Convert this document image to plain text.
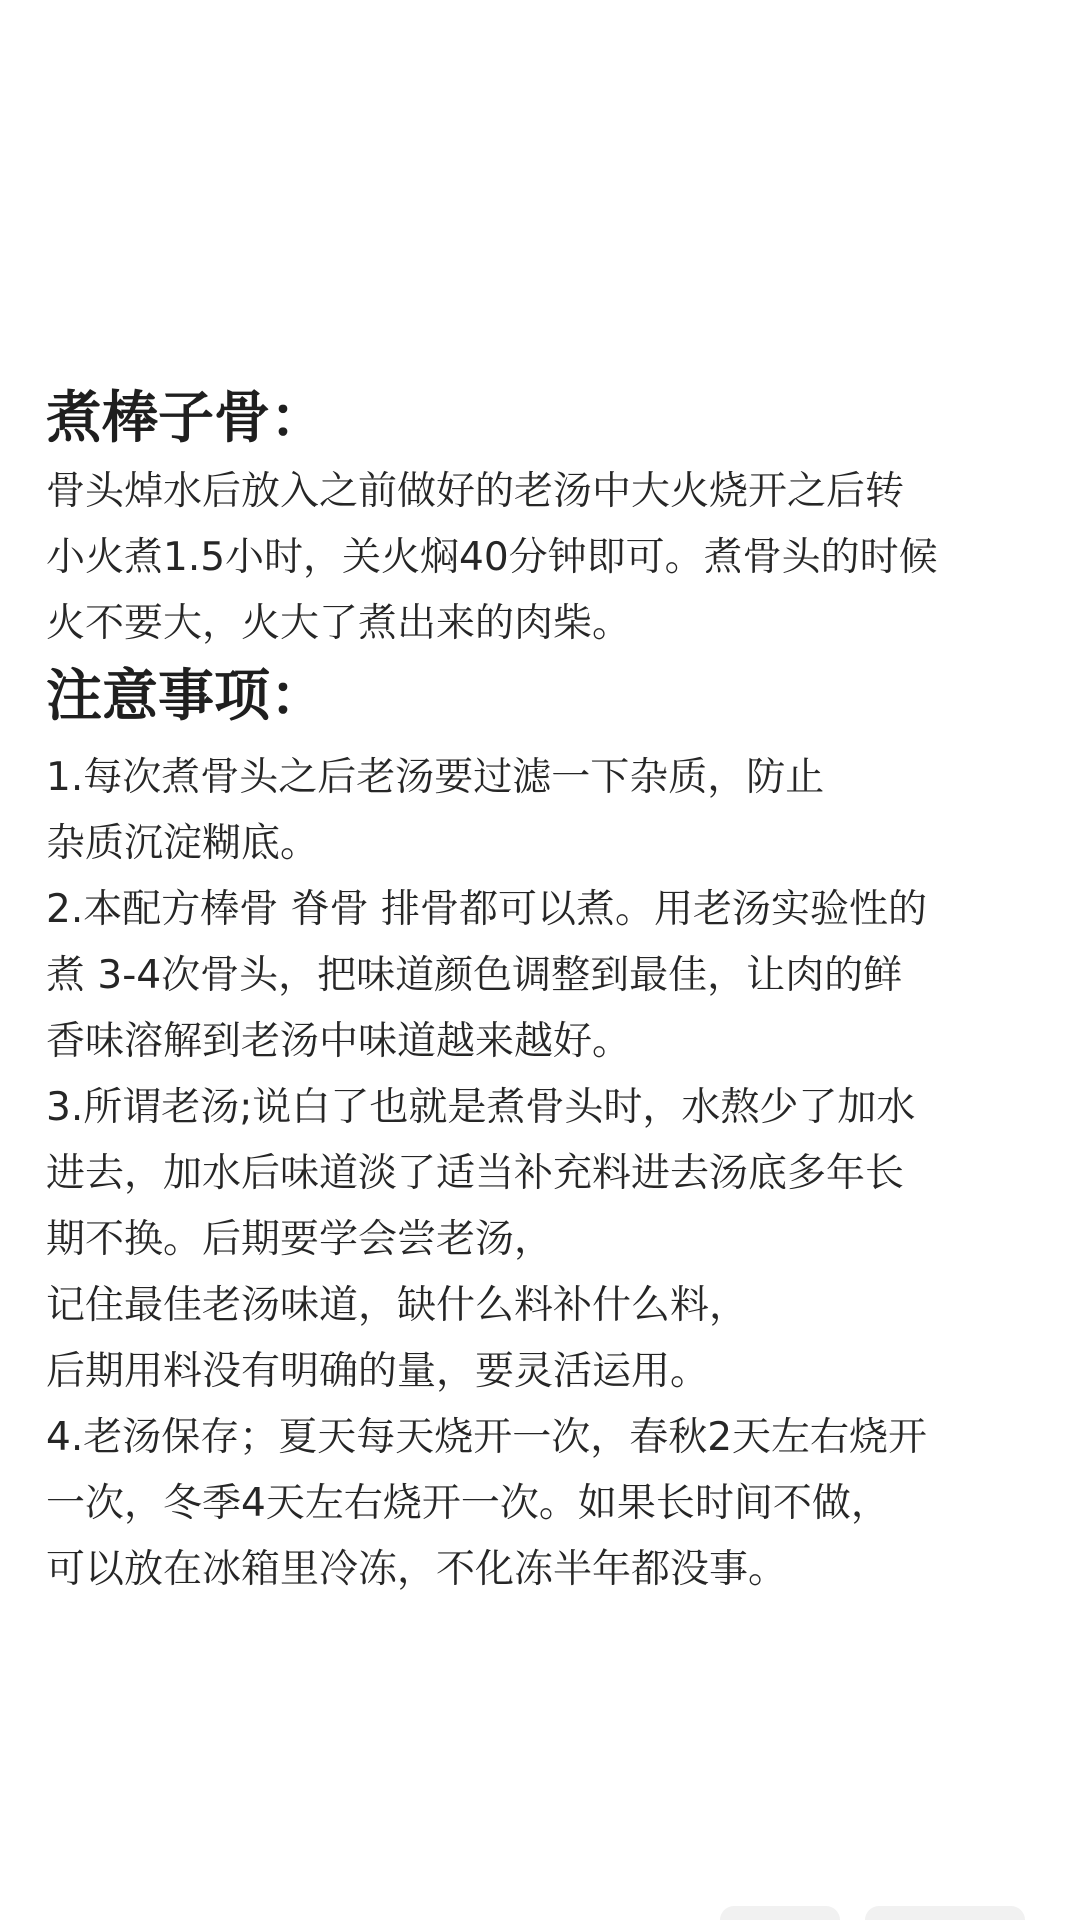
煮棒子骨：
骨头焯水后放入之前做好的老汤中大火烧开之后转
小火煮1.5小时，关火焖40分钟即可。煮骨头的时候
火不要大，火大了煮出来的肉柴。
注意事项：
1.每次煮骨头之后老汤要过滤一下杂质，防止
杂质沉淀糊底。
2.本配方棒骨 脊骨 排骨都可以煮。用老汤实验性的
煮 3-4次骨头，把味道颜色调整到最佳，让肉的鲜
香味溶解到老汤中味道越来越好。
3.所谓老汤;说白了也就是煮骨头时，水熬少了加水
进去，加水后味道淡了适当补充料进去汤底多年长
期不换。后期要学会尝老汤，
记住最佳老汤味道，缺什么料补什么料，
后期用料没有明确的量，要灵活运用。
4.老汤保存；夏天每天烧开一次，春秋2天左右烧开
一次，冬季4天左右烧开一次。如果长时间不做，
可以放在冰箱里冷冻，不化冻半年都没事。
